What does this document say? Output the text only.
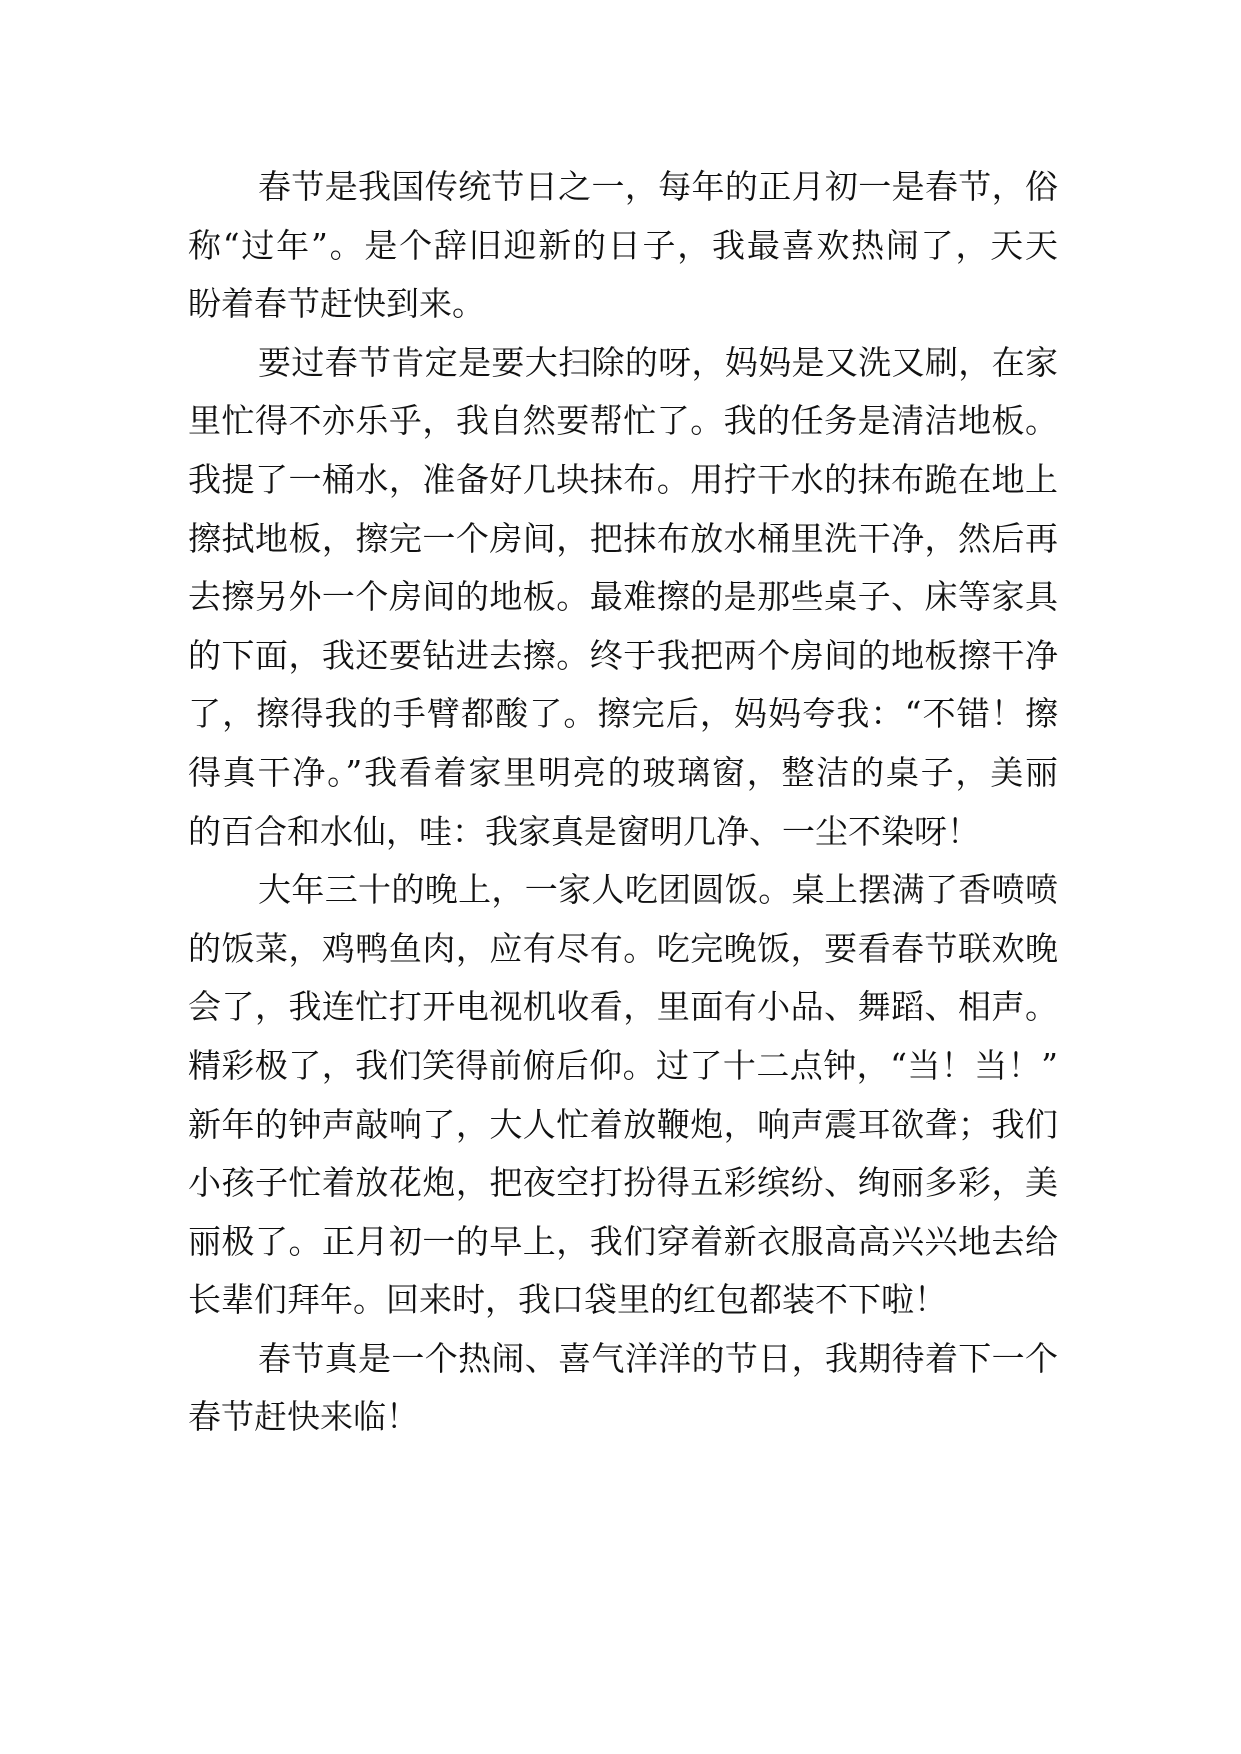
春节是我国传统节日之一，每年的正月初一是春节，俗
称“过年”。是个辞旧迎新的日子，我最喜欢热闹了，天天
盼着春节赶快到来。
要过春节肯定是要大扫除的呀，妈妈是又洗又刷，在家
里忙得不亦乐乎，我自然要帮忙了。我的任务是清洁地板。
我提了一桶水，准备好几块抹布。用拧干水的抹布跪在地上
擦拭地板，擦完一个房间，把抹布放水桶里洗干净，然后再
去擦另外一个房间的地板。最难擦的是那些桌子、床等家具
的下面，我还要钻进去擦。终于我把两个房间的地板擦干净
了，擦得我的手臂都酸了。擦完后，妈妈夸我：“不错！擦
得真干净。”我看着家里明亮的玻璃窗，整洁的桌子，美丽
的百合和水仙，哇：我家真是窗明几净、一尘不染呀！
大年三十的晚上，一家人吃团圆饭。桌上摆满了香喷喷
的饭菜，鸡鸭鱼肉，应有尽有。吃完晚饭，要看春节联欢晚
会了，我连忙打开电视机收看，里面有小品、舞蹈、相声。
精彩极了，我们笑得前俯后仰。过了十二点钟，“当！当！”
新年的钟声敲响了，大人忙着放鞭炮，响声震耳欲聋；我们
小孩子忙着放花炮，把夜空打扮得五彩缤纷、绚丽多彩，美
丽极了。正月初一的早上，我们穿着新衣服高高兴兴地去给
长辈们拜年。回来时，我口袋里的红包都装不下啦！
春节真是一个热闹、喜气洋洋的节日，我期待着下一个
春节赶快来临！
